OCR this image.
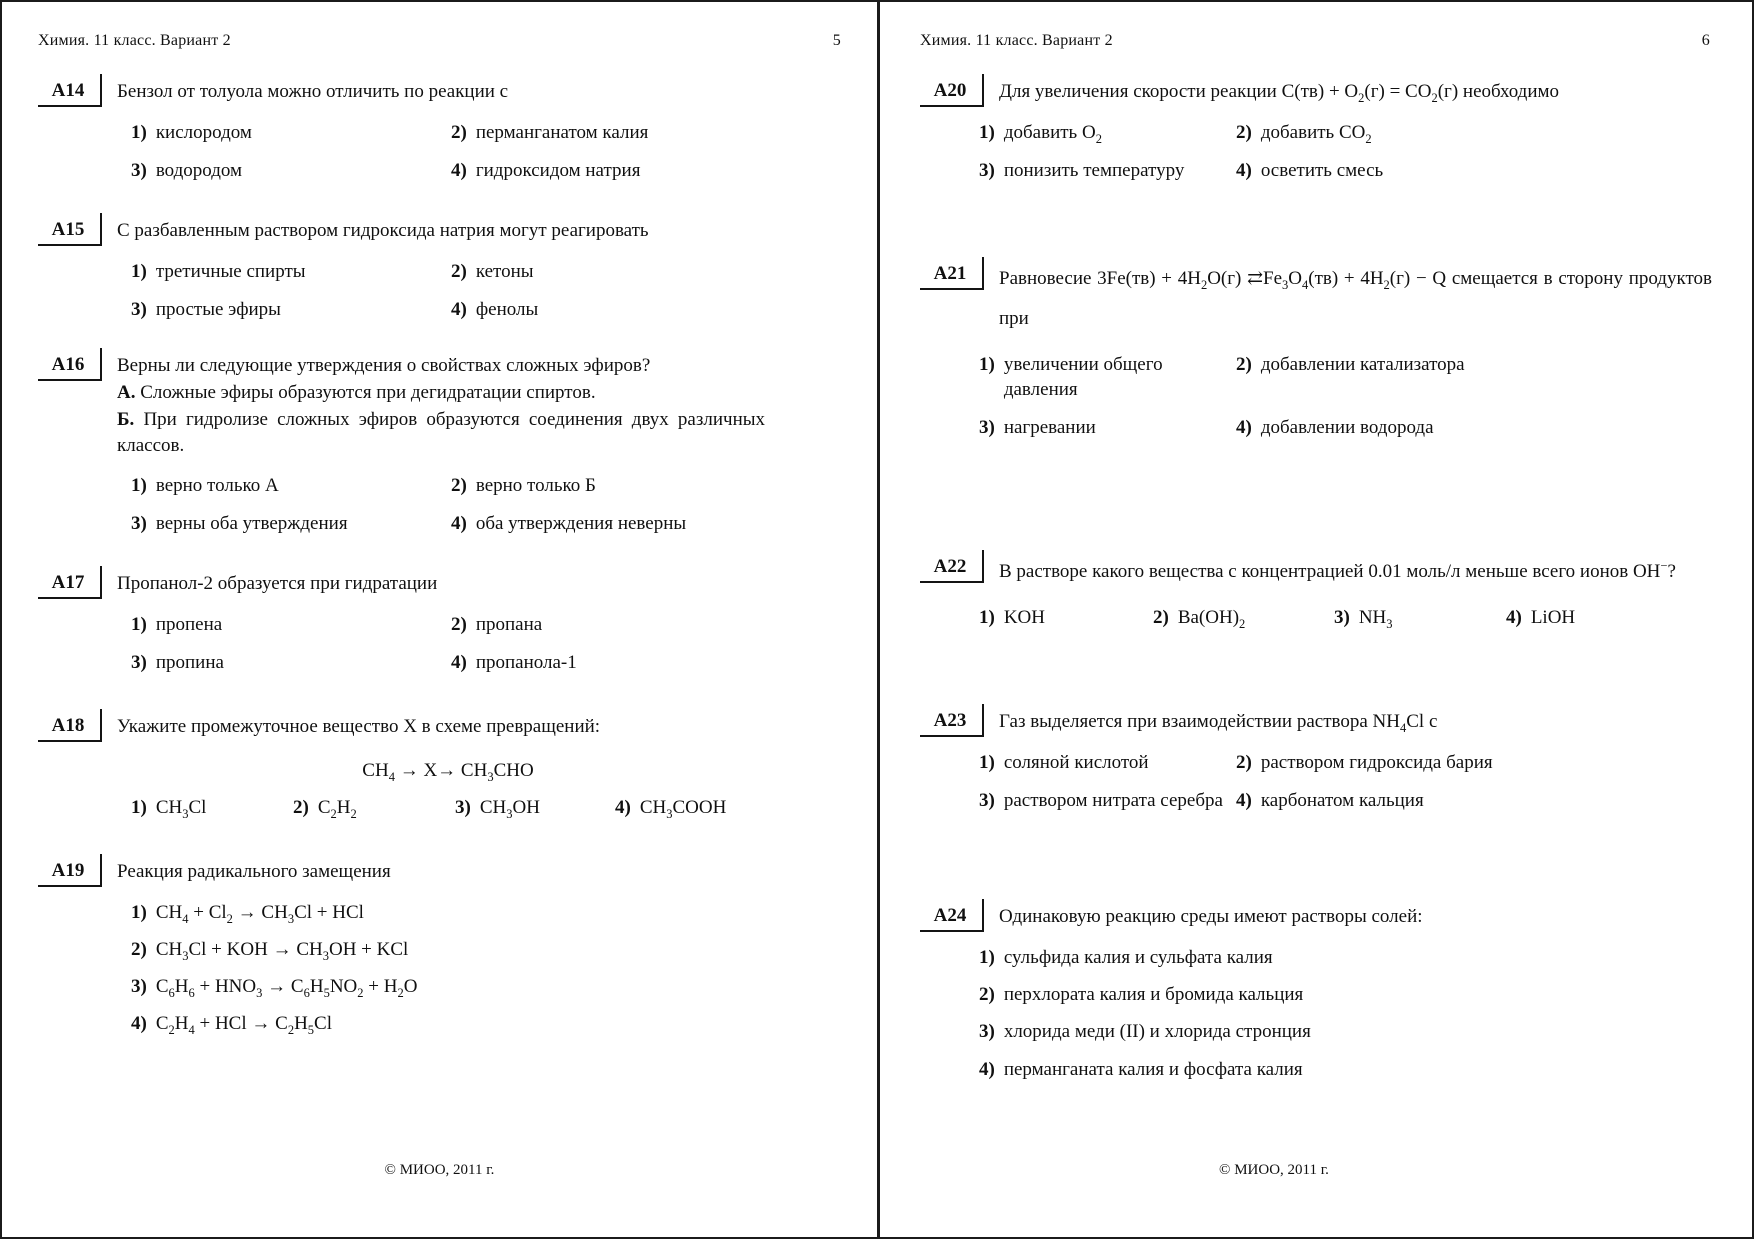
Химия. 11 класс. Вариант 2	5
А14	Бензол от толуола можно отличить по реакции с
1) кислородом	2) перманганатом калия
3) водородом	4) гидроксидом натрия
А15	С разбавленным раствором гидроксида натрия могут реагировать
1) третичные спирты	2) кетоны
3) простые эфиры	4) фенолы
А16	Верны ли следующие утверждения о свойствах сложных эфиров?

А. Сложные эфиры образуются при дегидратации спиртов.

Б. При гидролизе сложных эфиров образуются соединения двух различных классов.

1) верно только А	2) верно только Б
3) верны оба утверждения	4) оба утверждения неверны
А17	Пропанол-2 образуется при гидратации
1) пропена	2) пропана
3) пропина	4) пропанола-1
А18	Укажите промежуточное вещество X в схеме превращений:
$CH_4 \to X\to CH_3CHO$
1) $CH_3Cl$	2) $C_2H_2$	3) $CH_3OH$	4) $CH_3COOH$
А19	Реакция радикального замещения
1) $CH_4 + Cl_2 \to CH_3Cl$ + HCl
2) $CH_3Cl$ + KOH → $CH_3OH$ + KCl
3) $C_6H_6 + HNO_3 \to C_6H_5NO_2 + H_2O$
4) $C_2H_4$ + HCl → $C_2H_5Cl$
© МИОО, 2011 г.
Химия. 11 класс. Вариант 2	6
А20	Для увеличения скорости реакции $C(тв) + O_2(г) = CO_2(г)$ необходимо
1) добавить $O_2$	2) добавить $CO_2$
3) понизить температуру	4) осветить смесь
А21	Равновесие $3Fe(тв) + 4H_2O(г)$ $⇄Fe_3O_4(тв) + 4H_2(г) - Q$ смещается в сторону продуктов при
1) увеличении общего давления
2) добавлении катализатора
3) нагревании	4) добавлении водорода
А22	В растворе какого вещества с концентрацией 0.01 моль/л меньше всего ионов OH−?
1) KOH	2) $Ba(OH)_2$	3) $NH_3$	4) LiOH
А23	Газ выделяется при взаимодействии раствора $NH_4Cl$ с
1) соляной кислотой	2) раствором гидроксида бария
3) раствором нитрата серебра 4) карбонатом кальция
А24	Одинаковую реакцию среды имеют растворы солей:
1) сульфида калия и сульфата калия
2) перхлората калия и бромида кальция
3) хлорида меди (II) и хлорида стронция
4) перманганата калия и фосфата калия
© МИОО, 2011 г.
